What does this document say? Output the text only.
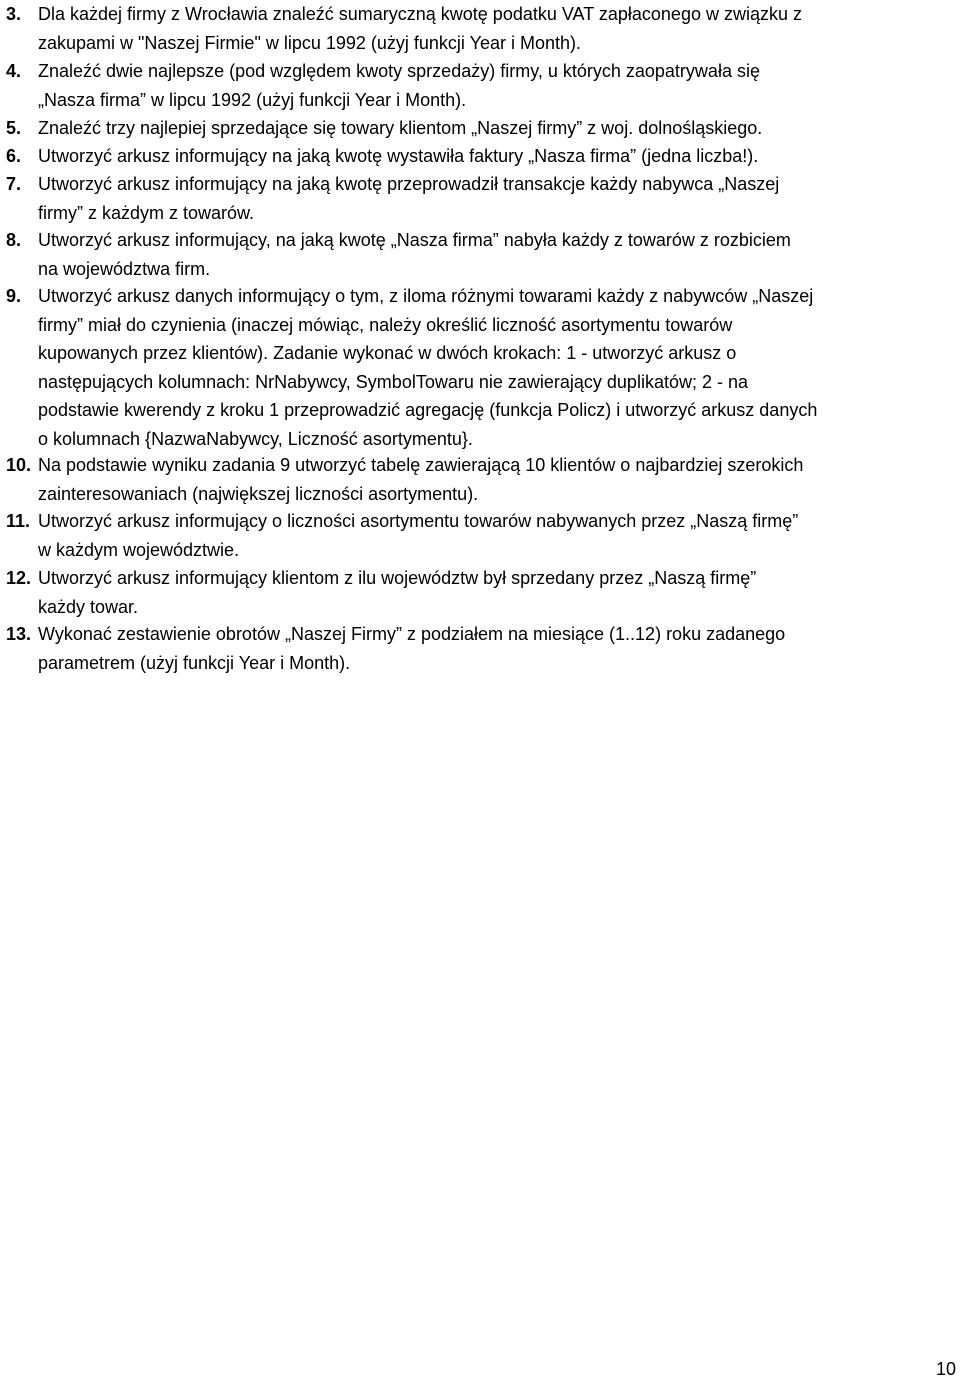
3. Dla każdej firmy z Wrocławia znaleźć sumaryczną kwotę podatku VAT zapłaconego w związku z
zakupami w "Naszej Firmie" w lipcu 1992 (użyj funkcji Year i Month).
4. Znaleźć dwie najlepsze (pod względem kwoty sprzedaży) firmy, u których zaopatrywała się
„Nasza firma” w lipcu 1992 (użyj funkcji Year i Month).
5. Znaleźć trzy najlepiej sprzedające się towary klientom „Naszej firmy” z woj. dolnośląskiego.
6. Utworzyć arkusz informujący na jaką kwotę wystawiła faktury „Nasza firma” (jedna liczba!).
7. Utworzyć arkusz informujący na jaką kwotę przeprowadził transakcje każdy nabywca „Naszej
firmy” z każdym z towarów.
8. Utworzyć arkusz informujący, na jaką kwotę „Nasza firma” nabyła każdy z towarów z rozbiciem
na województwa firm.
9. Utworzyć arkusz danych informujący o tym, z iloma różnymi towarami każdy z nabywców „Naszej
firmy” miał do czynienia (inaczej mówiąc, należy określić liczność asortymentu towarów
kupowanych przez klientów). Zadanie wykonać w dwóch krokach: 1 - utworzyć arkusz o
następujących kolumnach: NrNabywcy, SymbolTowaru nie zawierający duplikatów; 2 - na
podstawie kwerendy z kroku 1 przeprowadzić agregację (funkcja Policz) i utworzyć arkusz danych
o kolumnach {NazwaNabywcy, Liczność asortymentu}.
10. Na podstawie wyniku zadania 9 utworzyć tabelę zawierającą 10 klientów o najbardziej szerokich
zainteresowaniach (największej liczności asortymentu).
11. Utworzyć arkusz informujący o liczności asortymentu towarów nabywanych przez „Naszą firmę”
w każdym województwie.
12. Utworzyć arkusz informujący klientom z ilu województw był sprzedany przez „Naszą firmę”
każdy towar.
13. Wykonać zestawienie obrotów „Naszej Firmy” z podziałem na miesiące (1..12) roku zadanego
parametrem (użyj funkcji Year i Month).
10
